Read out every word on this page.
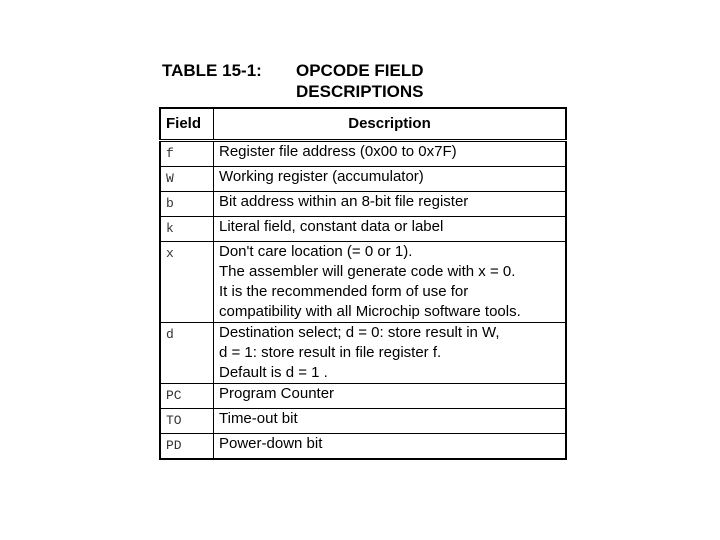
TABLE 15-1: OPCODE FIELD
DESCRIPTIONS
Field	Description
f	Register file address (0x00 to 0x7F)

W	Working register (accumulator)

b	Bit address within an 8-bit file register

k	Literal field, constant data or label

x	Don't care location (= 0 or 1).
The assembler will generate code with x = 0.
It is the recommended form of use for
compatibility with all Microchip software tools.

d	Destination select; d = 0: store result in W,
d = 1: store result in file register f.
Default is d = 1 .

PC	Program Counter

TO	Time-out bit

PD	Power-down bit
